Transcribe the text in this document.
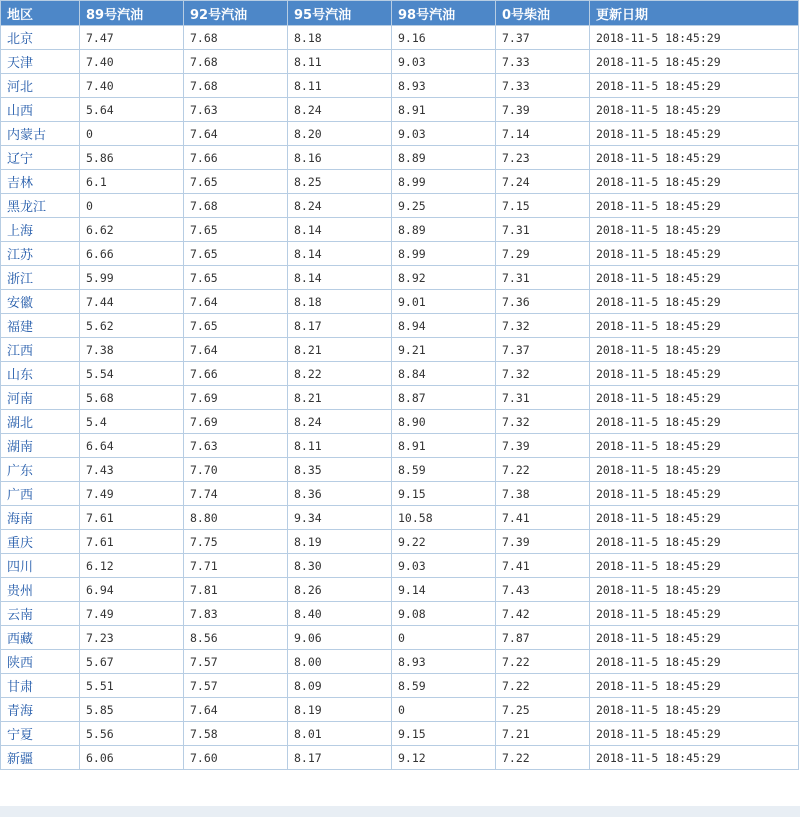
地区	89号汽油	92号汽油	95号汽油	98号汽油	0号柴油	更新日期
北京	7.47	7.68	8.18	9.16	7.37	2018-11-5 18:45:29
天津	7.40	7.68	8.11	9.03	7.33	2018-11-5 18:45:29
河北	7.40	7.68	8.11	8.93	7.33	2018-11-5 18:45:29
山西	5.64	7.63	8.24	8.91	7.39	2018-11-5 18:45:29
内蒙古	0	7.64	8.20	9.03	7.14	2018-11-5 18:45:29
辽宁	5.86	7.66	8.16	8.89	7.23	2018-11-5 18:45:29
吉林	6.1	7.65	8.25	8.99	7.24	2018-11-5 18:45:29
黑龙江	0	7.68	8.24	9.25	7.15	2018-11-5 18:45:29
上海	6.62	7.65	8.14	8.89	7.31	2018-11-5 18:45:29
江苏	6.66	7.65	8.14	8.99	7.29	2018-11-5 18:45:29
浙江	5.99	7.65	8.14	8.92	7.31	2018-11-5 18:45:29
安徽	7.44	7.64	8.18	9.01	7.36	2018-11-5 18:45:29
福建	5.62	7.65	8.17	8.94	7.32	2018-11-5 18:45:29
江西	7.38	7.64	8.21	9.21	7.37	2018-11-5 18:45:29
山东	5.54	7.66	8.22	8.84	7.32	2018-11-5 18:45:29
河南	5.68	7.69	8.21	8.87	7.31	2018-11-5 18:45:29
湖北	5.4	7.69	8.24	8.90	7.32	2018-11-5 18:45:29
湖南	6.64	7.63	8.11	8.91	7.39	2018-11-5 18:45:29
广东	7.43	7.70	8.35	8.59	7.22	2018-11-5 18:45:29
广西	7.49	7.74	8.36	9.15	7.38	2018-11-5 18:45:29
海南	7.61	8.80	9.34	10.58	7.41	2018-11-5 18:45:29
重庆	7.61	7.75	8.19	9.22	7.39	2018-11-5 18:45:29
四川	6.12	7.71	8.30	9.03	7.41	2018-11-5 18:45:29
贵州	6.94	7.81	8.26	9.14	7.43	2018-11-5 18:45:29
云南	7.49	7.83	8.40	9.08	7.42	2018-11-5 18:45:29
西藏	7.23	8.56	9.06	0	7.87	2018-11-5 18:45:29
陕西	5.67	7.57	8.00	8.93	7.22	2018-11-5 18:45:29
甘肃	5.51	7.57	8.09	8.59	7.22	2018-11-5 18:45:29
青海	5.85	7.64	8.19	0	7.25	2018-11-5 18:45:29
宁夏	5.56	7.58	8.01	9.15	7.21	2018-11-5 18:45:29
新疆	6.06	7.60	8.17	9.12	7.22	2018-11-5 18:45:29
